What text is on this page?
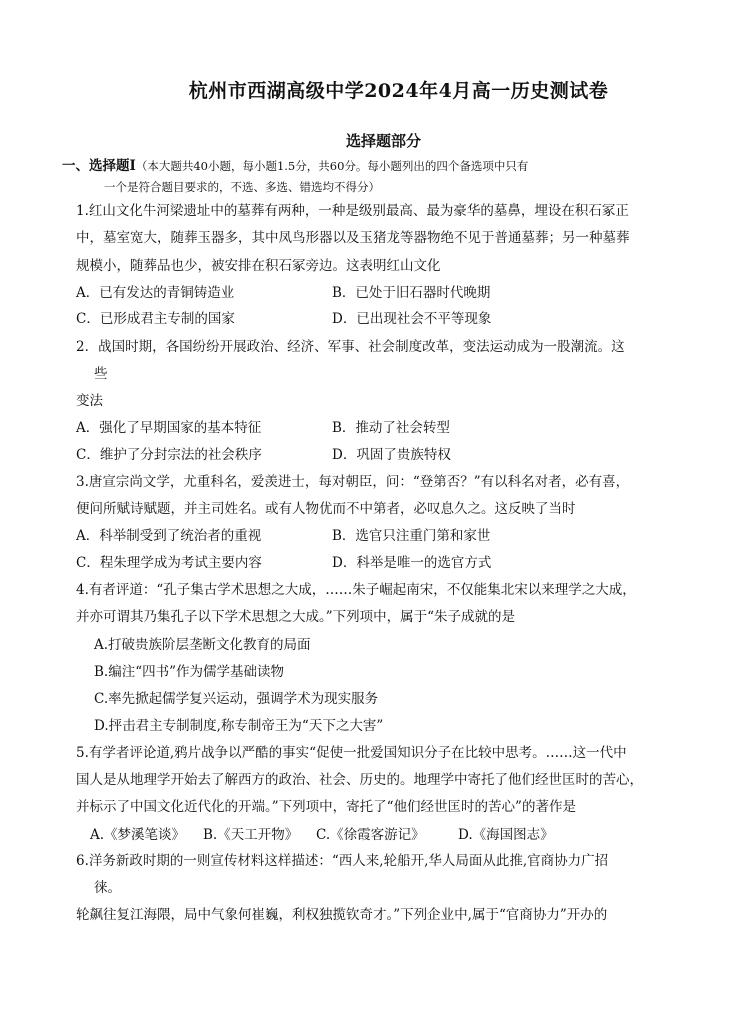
杭州市西湖高级中学2024年4月高一历史测试卷
选择题部分
一、选择题Ⅰ（本大题共40小题，每小题1.5分，共60分。每小题列出的四个备选项中只有
一个是符合题目要求的，不选、多选、错选均不得分）
1.红山文化牛河梁遗址中的墓葬有两种，一种是级别最高、最为豪华的墓鼻，埋设在积石冢正
中，墓室宽大，随葬玉器多，其中凤鸟形器以及玉猪龙等器物绝不见于普通墓葬；另一种墓葬
规模小，随葬品也少，被安排在积石冢旁边。这表明红山文化
A．已有发达的青铜铸造业	B．已处于旧石器时代晚期
C．已形成君主专制的国家	D．已出现社会不平等现象
2．战国时期，各国纷纷开展政治、经济、军事、社会制度改革，变法运动成为一股潮流。这
些
变法
A．强化了早期国家的基本特征	B．推动了社会转型
C．维护了分封宗法的社会秩序	D．巩固了贵族特权
3.唐宣宗尚文学，尤重科名，爱羡进士，每对朝臣，问：“登第否？”有以科名对者，必有喜，
便问所赋诗赋题，并主司姓名。或有人物优而不中第者，必叹息久之。这反映了当时
A．科举制受到了统治者的重视	B．选官只注重门第和家世
C．程朱理学成为考试主要内容	D．科举是唯一的选官方式
4.有者评道：“孔子集古学术思想之大成，……朱子崛起南宋，不仅能集北宋以来理学之大成，
并亦可谓其乃集孔子以下学术思想之大成。”下列项中，属于“朱子成就的是
A.打破贵族阶层垄断文化教育的局面
B.编注“四书”作为儒学基础读物
C.率先掀起儒学复兴运动，强调学术为现实服务
D.抨击君主专制制度,称专制帝王为“天下之大害”
5.有学者评论道,鸦片战争以严酷的事实“促使一批爱国知识分子在比较中思考。……这一代中
国人是从地理学开始去了解西方的政治、社会、历史的。地理学中寄托了他们经世匡时的苦心，
并标示了中国文化近代化的开端。”下列项中，寄托了“他们经世匡时的苦心”的著作是
A.《梦溪笔谈》 B.《天工开物》 C.《徐霞客游记》 D.《海国图志》
6.洋务新政时期的一则宣传材料这样描述：“西人来,轮船开,华人局面从此推,官商协力广招
徕。
轮飙往复江海隈，局中气象何崔巍，利权独揽钦奇才。”下列企业中,属于“官商协力”开办的
